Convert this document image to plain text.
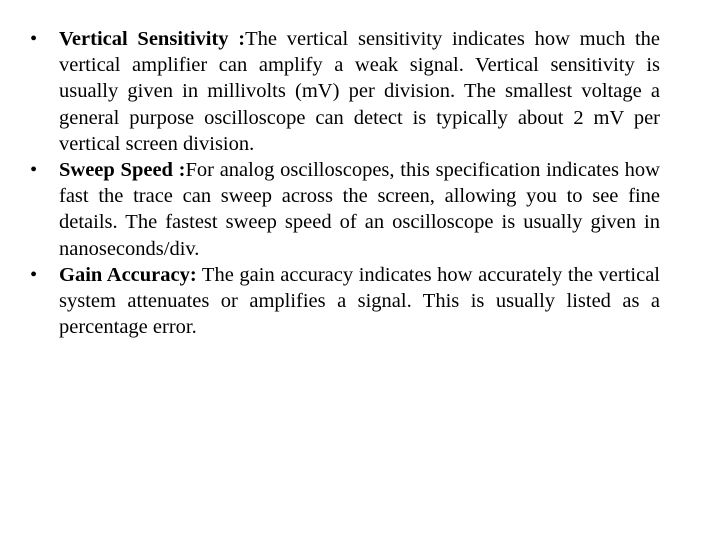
• Vertical Sensitivity :The vertical sensitivity indicates how much the vertical amplifier can amplify a weak signal. Vertical sensitivity is usually given in millivolts (mV) per division. The smallest voltage a general purpose oscilloscope can detect is typically about 2 mV per vertical screen division.
• Sweep Speed :For analog oscilloscopes, this specification indicates how fast the trace can sweep across the screen, allowing you to see fine details. The fastest sweep speed of an oscilloscope is usually given in nanoseconds/div.
• Gain Accuracy: The gain accuracy indicates how accurately the vertical system attenuates or amplifies a signal. This is usually listed as a percentage error.
